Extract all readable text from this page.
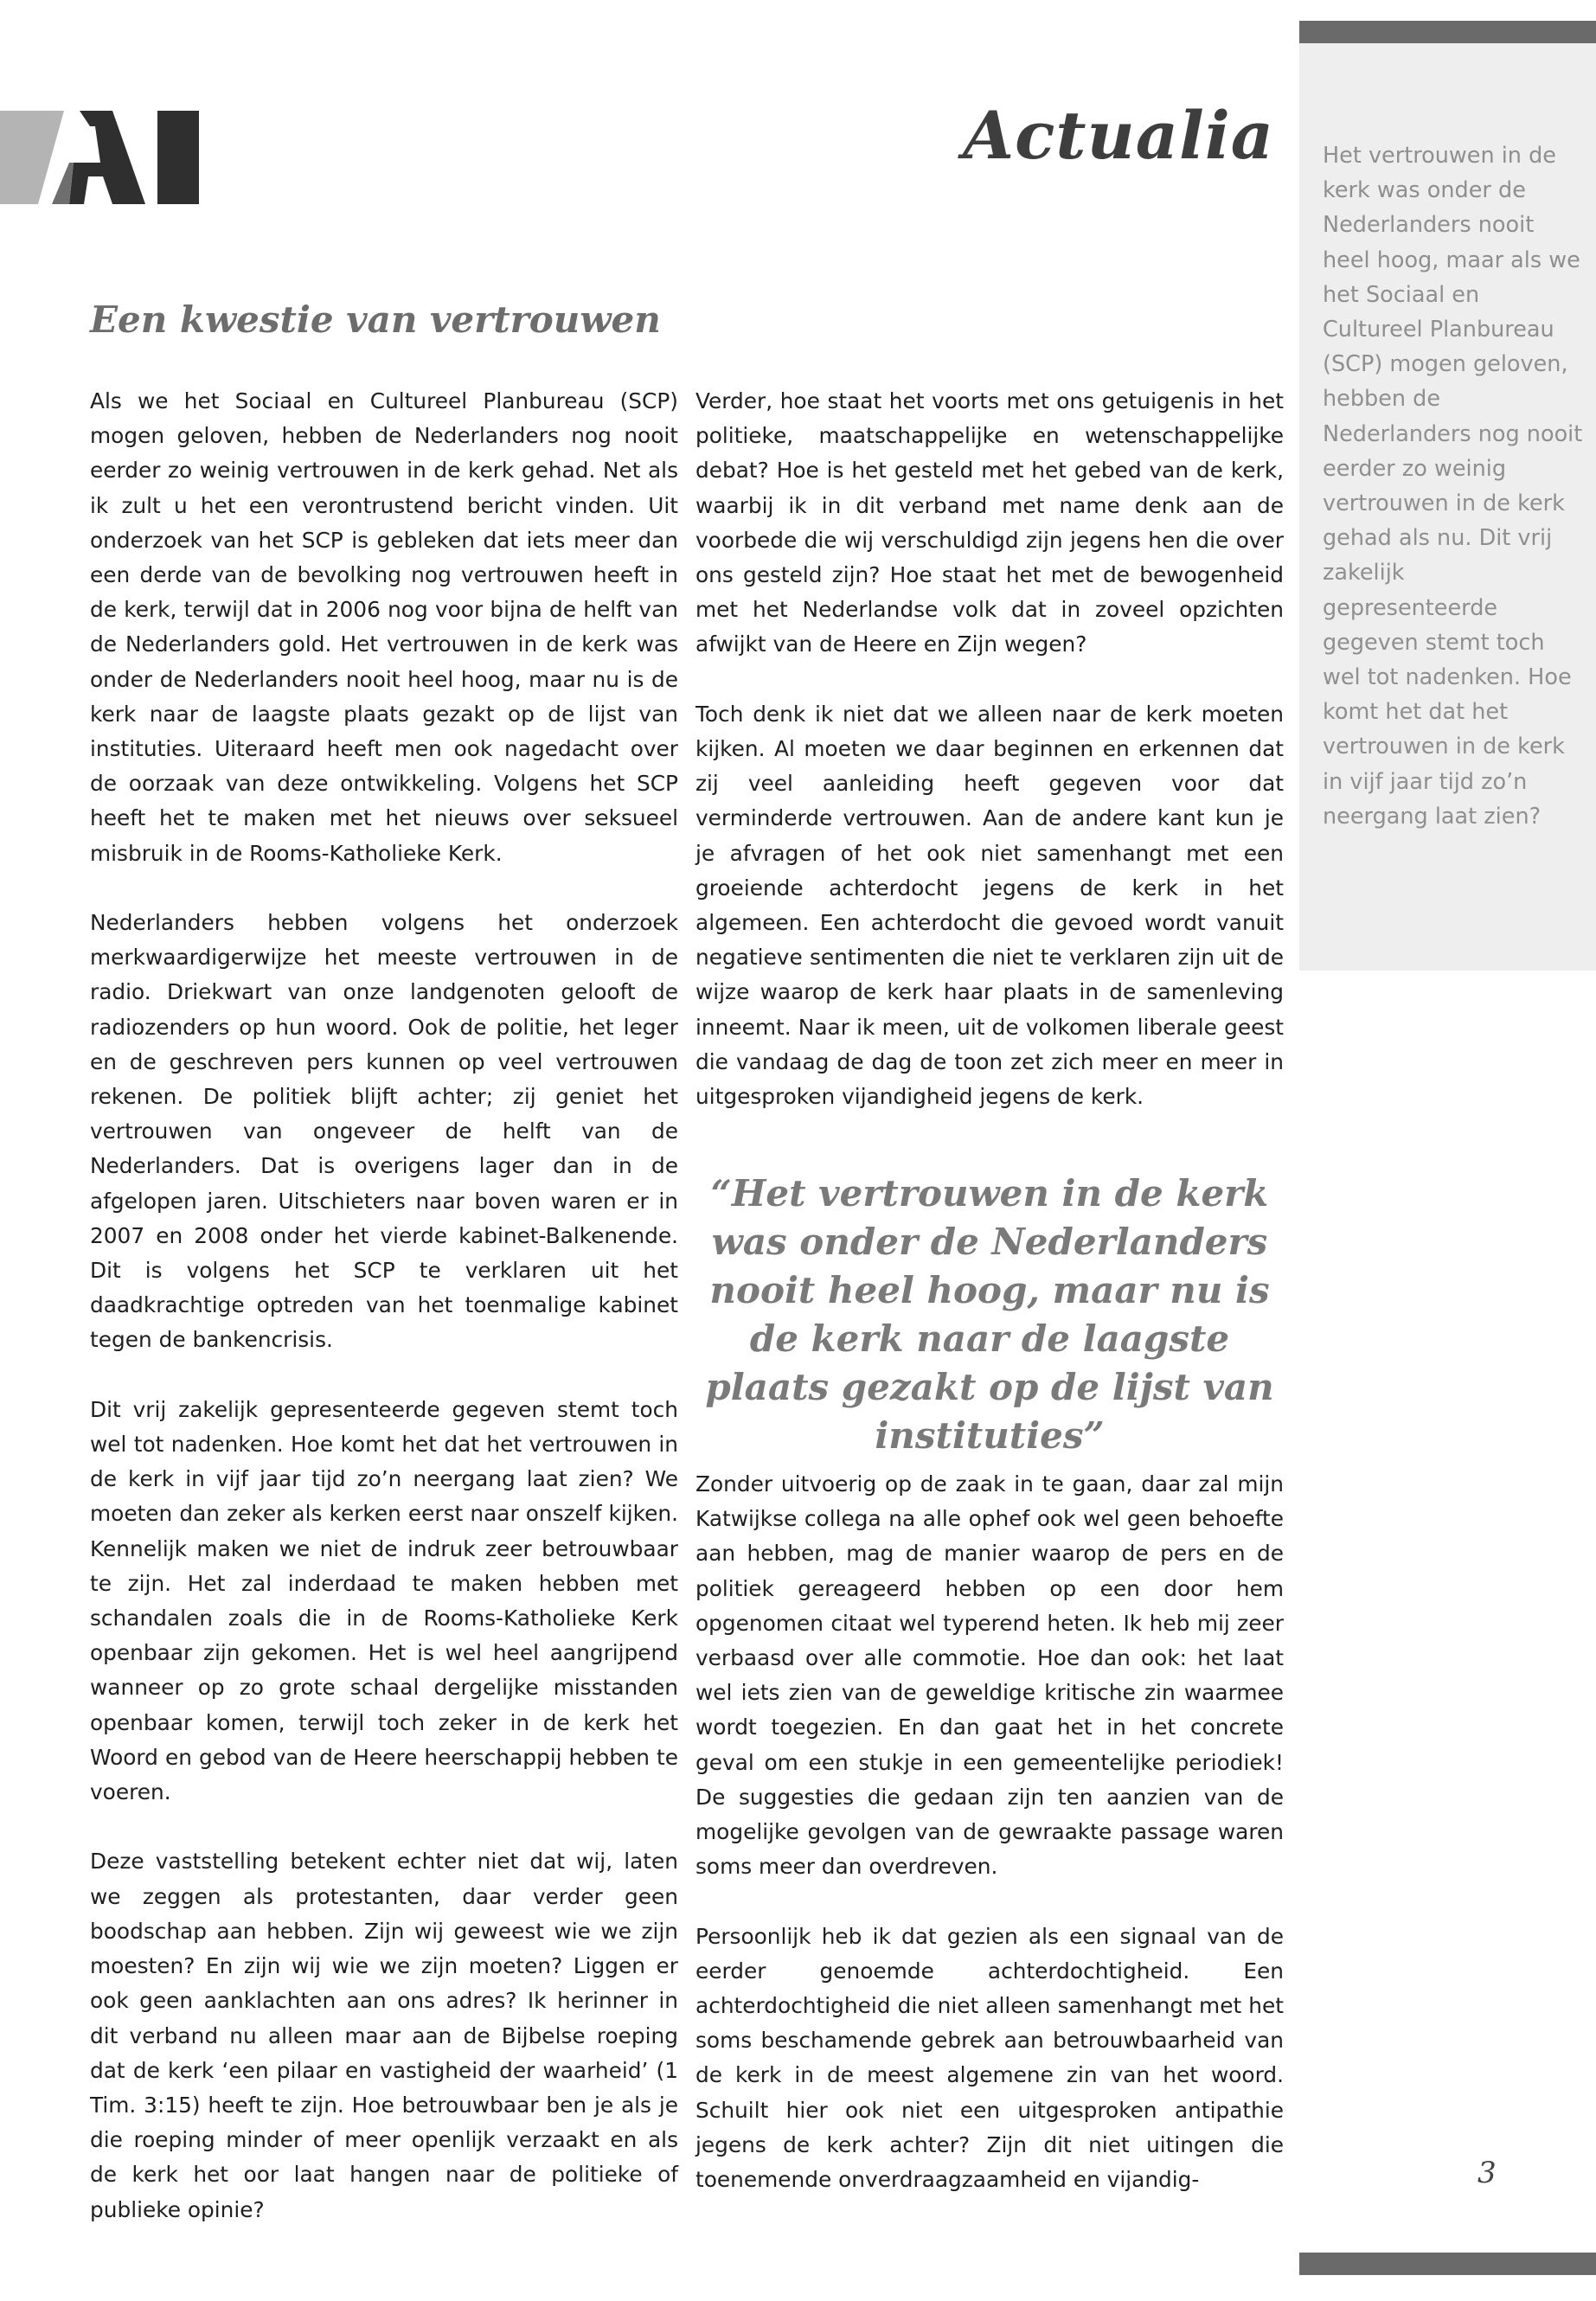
Actualia Het vertrouwen in de kerk was onder de Nederlanders nooit heel hoog, maar als we het Sociaal en Cultureel Planbureau (SCP) mogen geloven, hebben de Nederlanders nog nooit eerder zo weinig vertrouwen in de kerk gehad als nu. Dit vrij zakelijk gepresenteerde gegeven stemt toch wel tot nadenken. Hoe komt het dat het vertrouwen in de kerk in vijf jaar tijd zo’n neergang laat zien?

Een kwestie van vertrouwen

Als we het Sociaal en Cultureel Planbureau (SCP) mogen geloven, hebben de Nederlanders nog nooit eerder zo weinig vertrouwen in de kerk gehad. Net als ik zult u het een verontrustend bericht vinden. Uit onderzoek van het SCP is gebleken dat iets meer dan een derde van de bevolking nog vertrouwen heeft in de kerk, terwijl dat in 2006 nog voor bijna de helft van de Nederlanders gold. Het vertrouwen in de kerk was onder de Nederlanders nooit heel hoog, maar nu is de kerk naar de laagste plaats gezakt op de lijst van instituties. Uiteraard heeft men ook nagedacht over de oorzaak van deze ontwikkeling. Volgens het SCP heeft het te maken met het nieuws over seksueel misbruik in de Rooms-Katholieke Kerk.

Nederlanders hebben volgens het onderzoek merkwaardigerwijze het meeste vertrouwen in de radio. Driekwart van onze landgenoten gelooft de radiozenders op hun woord. Ook de politie, het leger en de geschreven pers kunnen op veel vertrouwen rekenen. De politiek blijft achter; zij geniet het vertrouwen van ongeveer de helft van de Nederlanders. Dat is overigens lager dan in de afgelopen jaren. Uitschieters naar boven waren er in 2007 en 2008 onder het vierde kabinet-Balkenende. Dit is volgens het SCP te verklaren uit het daadkrachtige optreden van het toenmalige kabinet tegen de bankencrisis.

Dit vrij zakelijk gepresenteerde gegeven stemt toch wel tot nadenken. Hoe komt het dat het vertrouwen in de kerk in vijf jaar tijd zo’n neergang laat zien? We moeten dan zeker als kerken eerst naar onszelf kijken. Kennelijk maken we niet de indruk zeer betrouwbaar te zijn. Het zal inderdaad te maken hebben met schandalen zoals die in de Rooms-Katholieke Kerk openbaar zijn gekomen. Het is wel heel aangrijpend wanneer op zo grote schaal dergelijke misstanden openbaar komen, terwijl toch zeker in de kerk het Woord en gebod van de Heere heerschappij hebben te voeren.

Deze vaststelling betekent echter niet dat wij, laten we zeggen als protestanten, daar verder geen boodschap aan hebben. Zijn wij geweest wie we zijn moesten? En zijn wij wie we zijn moeten? Liggen er ook geen aanklachten aan ons adres? Ik herinner in dit verband nu alleen maar aan de Bijbelse roeping dat de kerk ‘een pilaar en vastigheid der waarheid’ (1 Tim. 3:15) heeft te zijn. Hoe betrouwbaar ben je als je die roeping minder of meer openlijk verzaakt en als de kerk het oor laat hangen naar de politieke of publieke opinie?

Verder, hoe staat het voorts met ons getuigenis in het politieke, maatschappelijke en wetenschappelijke debat? Hoe is het gesteld met het gebed van de kerk, waarbij ik in dit verband met name denk aan de voorbede die wij verschuldigd zijn jegens hen die over ons gesteld zijn? Hoe staat het met de bewogenheid met het Nederlandse volk dat in zoveel opzichten afwijkt van de Heere en Zijn wegen?

Toch denk ik niet dat we alleen naar de kerk moeten kijken. Al moeten we daar beginnen en erkennen dat zij veel aanleiding heeft gegeven voor dat verminderde vertrouwen. Aan de andere kant kun je je afvragen of het ook niet samenhangt met een groeiende achterdocht jegens de kerk in het algemeen. Een achterdocht die gevoed wordt vanuit negatieve sentimenten die niet te verklaren zijn uit de wijze waarop de kerk haar plaats in de samenleving inneemt. Naar ik meen, uit de volkomen liberale geest die vandaag de dag de toon zet zich meer en meer in uitgesproken vijandigheid jegens de kerk.

“Het vertrouwen in de kerk was onder de Nederlanders nooit heel hoog, maar nu is de kerk naar de laagste plaats gezakt op de lijst van instituties”

Zonder uitvoerig op de zaak in te gaan, daar zal mijn Katwijkse collega na alle ophef ook wel geen behoefte aan hebben, mag de manier waarop de pers en de politiek gereageerd hebben op een door hem opgenomen citaat wel typerend heten. Ik heb mij zeer verbaasd over alle commotie. Hoe dan ook: het laat wel iets zien van de geweldige kritische zin waarmee wordt toegezien. En dan gaat het in het concrete geval om een stukje in een gemeentelijke periodiek! De suggesties die gedaan zijn ten aanzien van de mogelijke gevolgen van de gewraakte passage waren soms meer dan overdreven.

Persoonlijk heb ik dat gezien als een signaal van de eerder genoemde achterdochtigheid. Een achterdochtigheid die niet alleen samenhangt met het soms beschamende gebrek aan betrouwbaarheid van de kerk in de meest algemene zin van het woord. Schuilt hier ook niet een uitgesproken antipathie jegens de kerk achter? Zijn dit niet uitingen die toenemende onverdraagzaamheid en vijandig-	3
